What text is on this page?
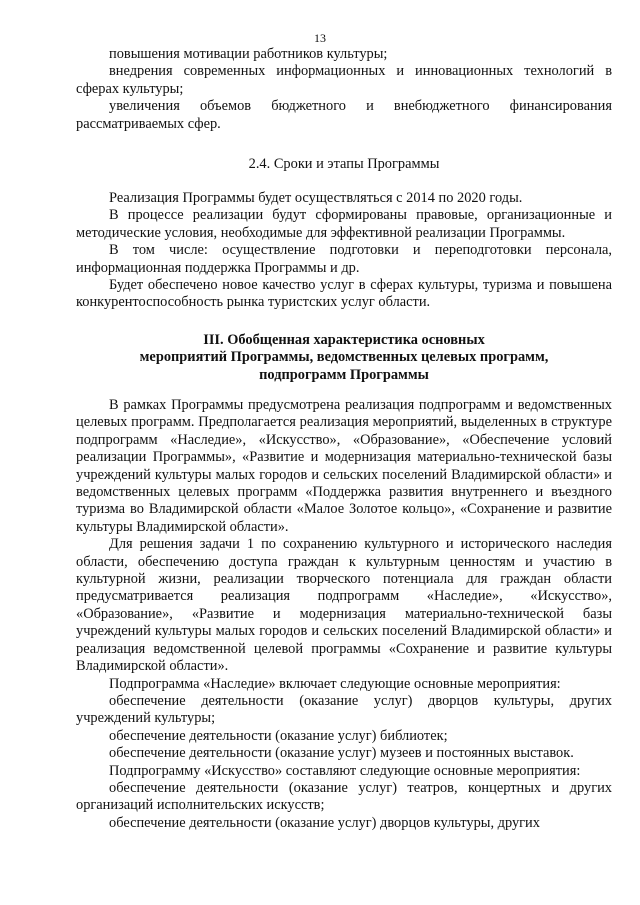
13

повышения мотивации работников культуры;

внедрения современных информационных и инновационных технологий в сферах культуры;

увеличения объемов бюджетного и внебюджетного финансирования рассматриваемых сфер.

2.4. Сроки и этапы Программы

Реализация Программы будет осуществляться с 2014 по 2020 годы.

В процессе реализации будут сформированы правовые, организационные и методические условия, необходимые для эффективной реализации Программы.

В том числе: осуществление подготовки и переподготовки персонала, информационная поддержка Программы и др.

Будет обеспечено новое качество услуг в сферах культуры, туризма и повышена конкурентоспособность рынка туристских услуг области.

III. Обобщенная характеристика основных

мероприятий Программы, ведомственных целевых программ,

подпрограмм Программы

В рамках Программы предусмотрена реализация подпрограмм и ведомственных целевых программ. Предполагается реализация мероприятий, выделенных в структуре подпрограмм «Наследие», «Искусство», «Образование», «Обеспечение условий реализации Программы», «Развитие и модернизация материально-технической базы учреждений культуры малых городов и сельских поселений Владимирской области» и ведомственных целевых программ «Поддержка развития внутреннего и въездного туризма во Владимирской области «Малое Золотое кольцо», «Сохранение и развитие культуры Владимирской области».

Для решения задачи 1 по сохранению культурного и исторического наследия области, обеспечению доступа граждан к культурным ценностям и участию в культурной жизни, реализации творческого потенциала для граждан области предусматривается реализация подпрограмм «Наследие», «Искусство», «Образование», «Развитие и модернизация материально-технической базы учреждений культуры малых городов и сельских поселений Владимирской области» и реализация ведомственной целевой программы «Сохранение и развитие культуры Владимирской области».

Подпрограмма «Наследие» включает следующие основные мероприятия:

обеспечение деятельности (оказание услуг) дворцов культуры, других учреждений культуры;

обеспечение деятельности (оказание услуг) библиотек;

обеспечение деятельности (оказание услуг) музеев и постоянных выставок.

Подпрограмму «Искусство» составляют следующие основные мероприятия:

обеспечение деятельности (оказание услуг) театров, концертных и других организаций исполнительских искусств;

обеспечение деятельности (оказание услуг) дворцов культуры, других
